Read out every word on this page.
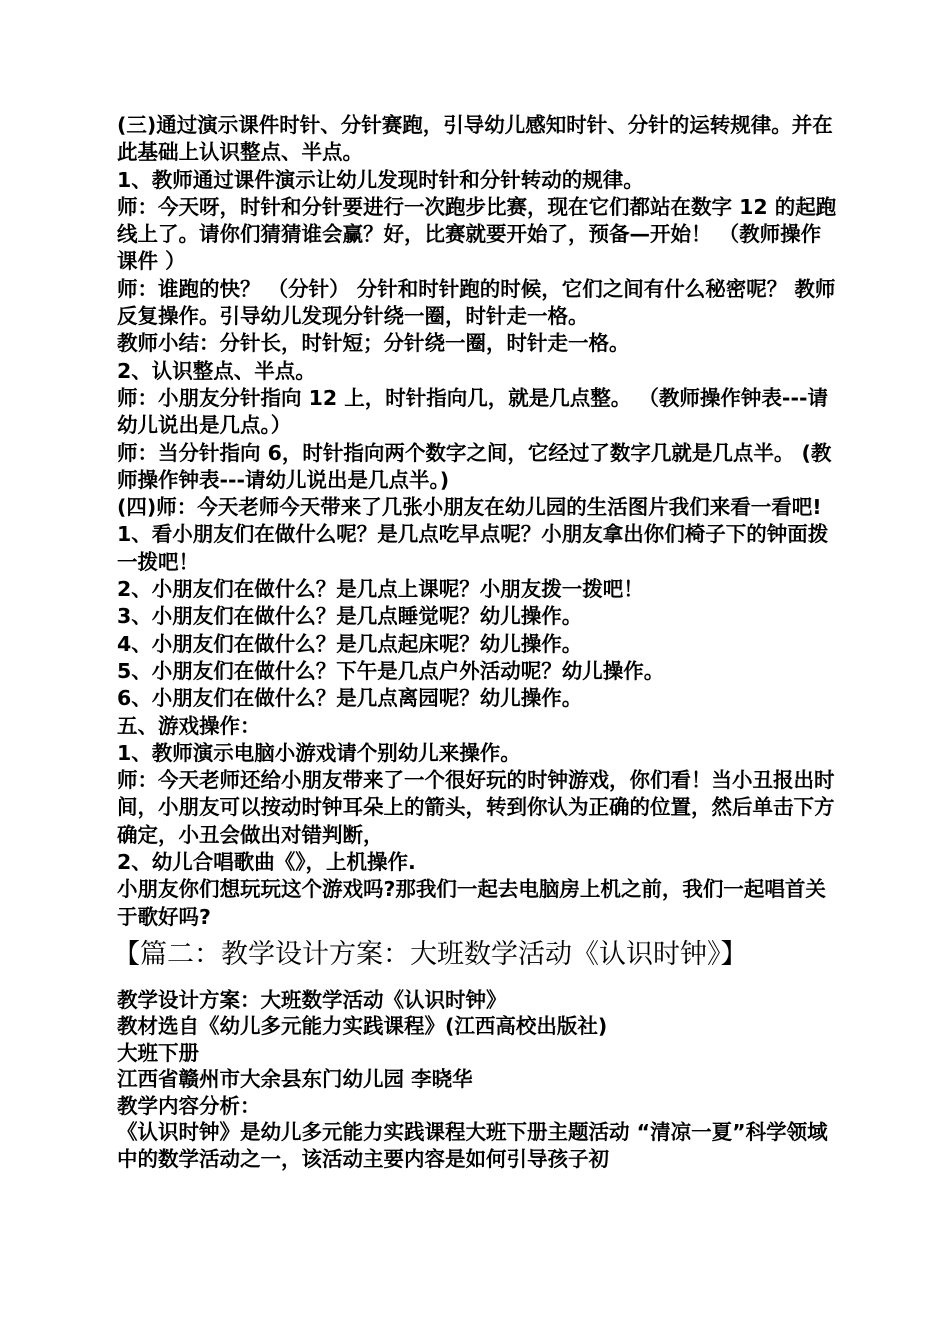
(三)通过演示课件时针、分针赛跑，引导幼儿感知时针、分针的运转规律。并在此基础上认识整点、半点。

1、教师通过课件演示让幼儿发现时针和分针转动的规律。

师：今天呀，时针和分针要进行一次跑步比赛，现在它们都站在数字 12 的起跑线上了。请你们猜猜谁会赢？好，比赛就要开始了，预备—开始！ （教师操作课件 ）

师：谁跑的快？ （分针） 分针和时针跑的时候，它们之间有什么秘密呢？ 教师反复操作。引导幼儿发现分针绕一圈，时针走一格。

教师小结：分针长，时针短；分针绕一圈，时针走一格。

2、认识整点、半点。

师：小朋友分针指向 12 上，时针指向几，就是几点整。 （教师操作钟表---请幼儿说出是几点。）

师：当分针指向 6，时针指向两个数字之间，它经过了数字几就是几点半。 (教师操作钟表---请幼儿说出是几点半。)

(四)师：今天老师今天带来了几张小朋友在幼儿园的生活图片我们来看一看吧!

1、看小朋友们在做什么呢？是几点吃早点呢？小朋友拿出你们椅子下的钟面拨一拨吧！

2、小朋友们在做什么？是几点上课呢？小朋友拨一拨吧！

3、小朋友们在做什么？是几点睡觉呢？幼儿操作。

4、小朋友们在做什么？是几点起床呢？幼儿操作。

5、小朋友们在做什么？下午是几点户外活动呢？幼儿操作。

6、小朋友们在做什么？是几点离园呢？幼儿操作。

五、游戏操作：

1、教师演示电脑小游戏请个别幼儿来操作。

师：今天老师还给小朋友带来了一个很好玩的时钟游戏，你们看！当小丑报出时间，小朋友可以按动时钟耳朵上的箭头，转到你认为正确的位置，然后单击下方确定，小丑会做出对错判断，

2、幼儿合唱歌曲《》，上机操作.

小朋友你们想玩玩这个游戏吗?那我们一起去电脑房上机之前，我们一起唱首关于歌好吗?

【篇二：教学设计方案：大班数学活动《认识时钟》】

教学设计方案：大班数学活动《认识时钟》

教材选自《幼儿多元能力实践课程》(江西高校出版社)

大班下册

江西省赣州市大余县东门幼儿园 李晓华

教学内容分析：

《认识时钟》是幼儿多元能力实践课程大班下册主题活动 “清凉一夏”科学领域中的数学活动之一，该活动主要内容是如何引导孩子初
